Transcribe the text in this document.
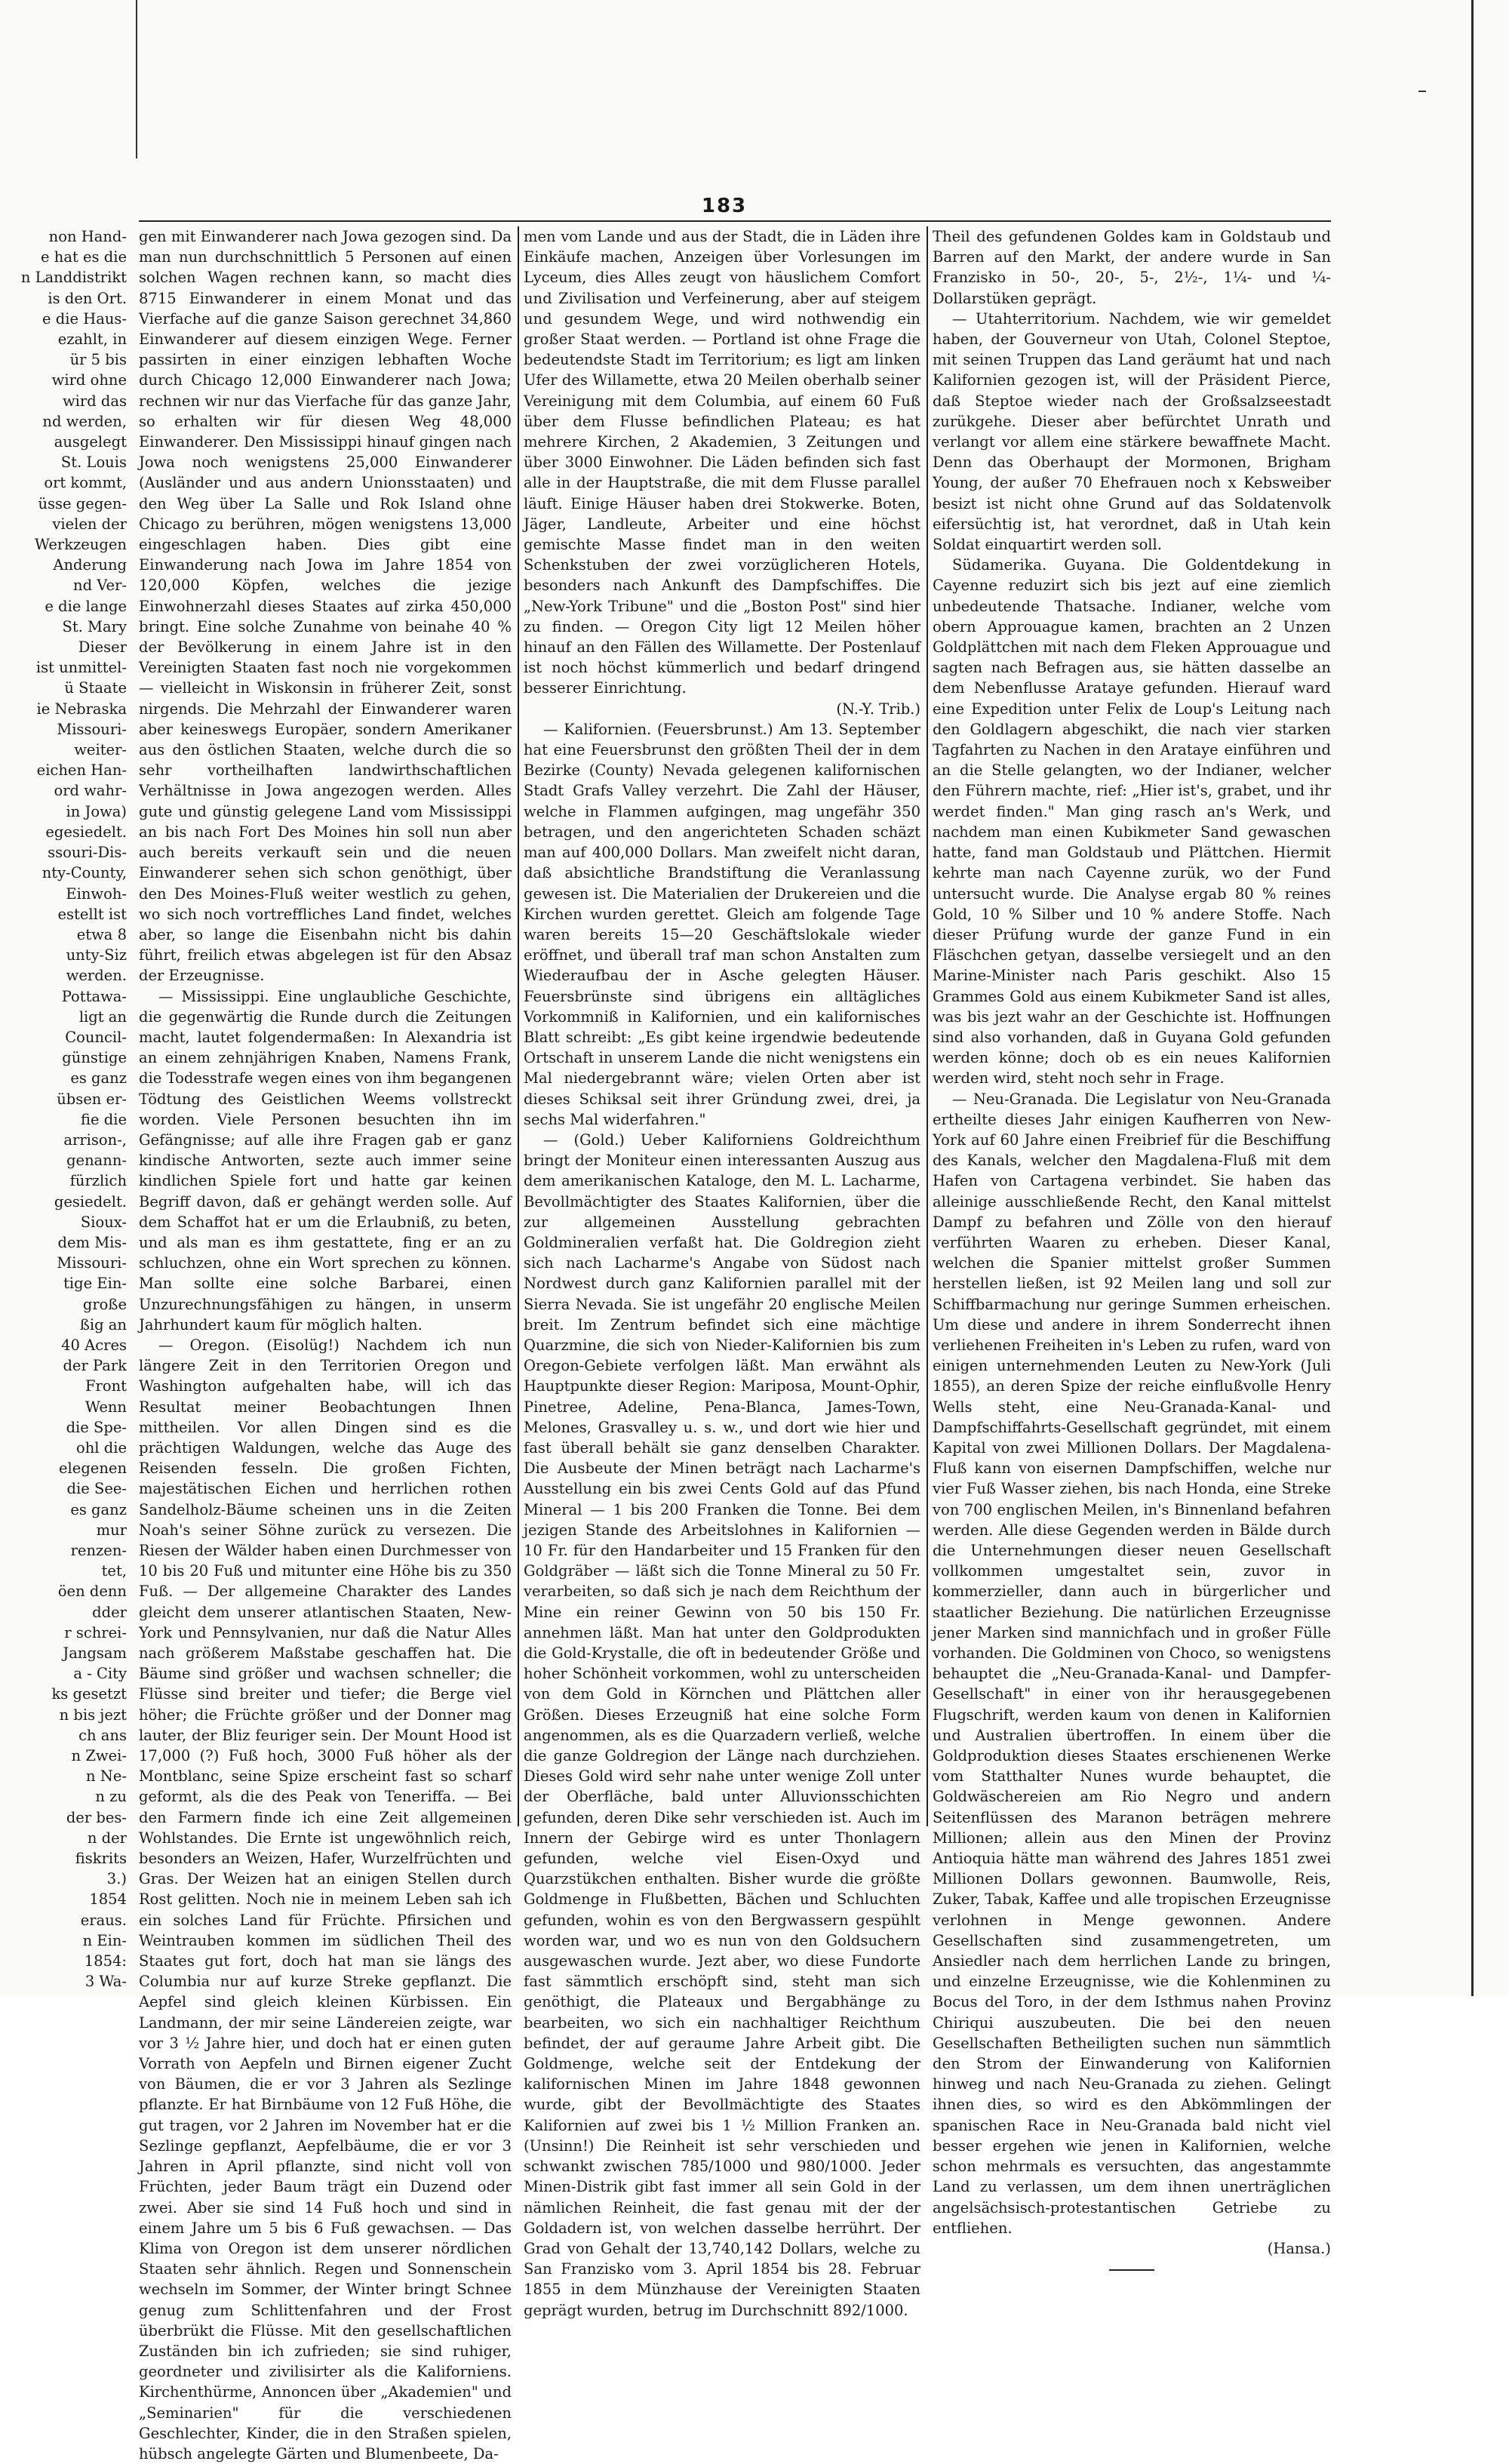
183
non Hand-
e hat es die
n Landdistrikt
is den Ort.
e die Haus-
ezahlt, in
ür 5 bis
wird ohne
wird das
nd werden,
ausgelegt
St. Louis
ort kommt,
üsse gegen-
vielen der
Werkzeugen
Anderung
nd Ver-
e die lange
St. Mary
Dieser
ist unmittel-
ü Staate
ie Nebraska
Missouri-
weiter-
eichen Han-
ord wahr-
in Jowa)
egesiedelt.
ssouri-Dis-
nty-County,
Einwoh-
estellt ist
etwa 8
unty-Siz
werden.
Pottawa-
ligt an
Council-
günstige
es ganz
übsen er-
fie die
arrison-,
genann-
fürzlich
gesiedelt.
Sioux-
dem Mis-
Missouri-
tige Ein-
große
ßig an
40 Acres
der Park
Front
Wenn
die Spe-
ohl die
elegenen
die See-
es ganz
mur
renzen-
tet,
öen denn
dder
r schrei-
Jangsam
a - City
ks gesetzt
n bis jezt
ch ans
n Zwei-
n Ne-
n zu
der bes-
n der
fiskrits
3.)
1854
eraus.
n Ein-
1854:
3 Wa-

gen mit Einwanderer nach Jowa gezogen sind. Da man nun durchschnittlich 5 Personen auf einen solchen Wagen rechnen kann, so macht dies 8715 Einwanderer in einem Monat und das Vierfache auf die ganze Saison gerechnet 34,860 Einwanderer auf diesem einzigen Wege. Ferner passirten in einer einzigen lebhaften Woche durch Chicago 12,000 Einwanderer nach Jowa; rechnen wir nur das Vierfache für das ganze Jahr, so erhalten wir für diesen Weg 48,000 Einwanderer. Den Mississippi hinauf gingen nach Jowa noch wenigstens 25,000 Einwanderer (Ausländer und aus andern Unionsstaaten) und den Weg über La Salle und Rok Island ohne Chicago zu berühren, mögen wenigstens 13,000 eingeschlagen haben. Dies gibt eine Einwanderung nach Jowa im Jahre 1854 von 120,000 Köpfen, welches die jezige Einwohnerzahl dieses Staates auf zirka 450,000 bringt. Eine solche Zunahme von beinahe 40 % der Bevölkerung in einem Jahre ist in den Vereinigten Staaten fast noch nie vorgekommen — vielleicht in Wiskonsin in früherer Zeit, sonst nirgends. Die Mehrzahl der Einwanderer waren aber keineswegs Europäer, sondern Amerikaner aus den östlichen Staaten, welche durch die so sehr vortheilhaften landwirthschaftlichen Verhältnisse in Jowa angezogen werden. Alles gute und günstig gelegene Land vom Mississippi an bis nach Fort Des Moines hin soll nun aber auch bereits verkauft sein und die neuen Einwanderer sehen sich schon genöthigt, über den Des Moines-Fluß weiter westlich zu gehen, wo sich noch vortreffliches Land findet, welches aber, so lange die Eisenbahn nicht bis dahin führt, freilich etwas abgelegen ist für den Absaz der Erzeugnisse.

— Mississippi. Eine unglaubliche Geschichte, die gegenwärtig die Runde durch die Zeitungen macht, lautet folgendermaßen: In Alexandria ist an einem zehnjährigen Knaben, Namens Frank, die Todesstrafe wegen eines von ihm begangenen Tödtung des Geistlichen Weems vollstreckt worden. Viele Personen besuchten ihn im Gefängnisse; auf alle ihre Fragen gab er ganz kindische Antworten, sezte auch immer seine kindlichen Spiele fort und hatte gar keinen Begriff davon, daß er gehängt werden solle. Auf dem Schaffot hat er um die Erlaubniß, zu beten, und als man es ihm gestattete, fing er an zu schluchzen, ohne ein Wort sprechen zu können. Man sollte eine solche Barbarei, einen Unzurechnungsfähigen zu hängen, in unserm Jahrhundert kaum für möglich halten.

— Oregon. (Eisolüg!) Nachdem ich nun längere Zeit in den Territorien Oregon und Washington aufgehalten habe, will ich das Resultat meiner Beobachtungen Ihnen mittheilen. Vor allen Dingen sind es die prächtigen Waldungen, welche das Auge des Reisenden fesseln. Die großen Fichten, majestätischen Eichen und herrlichen rothen Sandelholz-Bäume scheinen uns in die Zeiten Noah's seiner Söhne zurück zu versezen. Die Riesen der Wälder haben einen Durchmesser von 10 bis 20 Fuß und mitunter eine Höhe bis zu 350 Fuß. — Der allgemeine Charakter des Landes gleicht dem unserer atlantischen Staaten, New-York und Pennsylvanien, nur daß die Natur Alles nach größerem Maßstabe geschaffen hat. Die Bäume sind größer und wachsen schneller; die Flüsse sind breiter und tiefer; die Berge viel höher; die Früchte größer und der Donner mag lauter, der Bliz feuriger sein. Der Mount Hood ist 17,000 (?) Fuß hoch, 3000 Fuß höher als der Montblanc, seine Spize erscheint fast so scharf geformt, als die des Peak von Teneriffa. — Bei den Farmern finde ich eine Zeit allgemeinen Wohlstandes. Die Ernte ist ungewöhnlich reich, besonders an Weizen, Hafer, Wurzelfrüchten und Gras. Der Weizen hat an einigen Stellen durch Rost gelitten. Noch nie in meinem Leben sah ich ein solches Land für Früchte. Pfirsichen und Weintrauben kommen im südlichen Theil des Staates gut fort, doch hat man sie längs des Columbia nur auf kurze Streke gepflanzt. Die Aepfel sind gleich kleinen Kürbissen. Ein Landmann, der mir seine Ländereien zeigte, war vor 3 ½ Jahre hier, und doch hat er einen guten Vorrath von Aepfeln und Birnen eigener Zucht von Bäumen, die er vor 3 Jahren als Sezlinge pflanzte. Er hat Birnbäume von 12 Fuß Höhe, die gut tragen, vor 2 Jahren im November hat er die Sezlinge gepflanzt, Aepfelbäume, die er vor 3 Jahren in April pflanzte, sind nicht voll von Früchten, jeder Baum trägt ein Duzend oder zwei. Aber sie sind 14 Fuß hoch und sind in einem Jahre um 5 bis 6 Fuß gewachsen. — Das Klima von Oregon ist dem unserer nördlichen Staaten sehr ähnlich. Regen und Sonnenschein wechseln im Sommer, der Winter bringt Schnee genug zum Schlittenfahren und der Frost überbrükt die Flüsse. Mit den gesellschaftlichen Zuständen bin ich zufrieden; sie sind ruhiger, geordneter und zivilisirter als die Kaliforniens. Kirchenthürme, Annoncen über „Akademien" und „Seminarien" für die verschiedenen Geschlechter, Kinder, die in den Straßen spielen, hübsch angelegte Gärten und Blumenbeete, Da-

men vom Lande und aus der Stadt, die in Läden ihre Einkäufe machen, Anzeigen über Vorlesungen im Lyceum, dies Alles zeugt von häuslichem Comfort und Zivilisation und Verfeinerung, aber auf steigem und gesundem Wege, und wird nothwendig ein großer Staat werden. — Portland ist ohne Frage die bedeutendste Stadt im Territorium; es ligt am linken Ufer des Willamette, etwa 20 Meilen oberhalb seiner Vereinigung mit dem Columbia, auf einem 60 Fuß über dem Flusse befindlichen Plateau; es hat mehrere Kirchen, 2 Akademien, 3 Zeitungen und über 3000 Einwohner. Die Läden befinden sich fast alle in der Hauptstraße, die mit dem Flusse parallel läuft. Einige Häuser haben drei Stokwerke. Boten, Jäger, Landleute, Arbeiter und eine höchst gemischte Masse findet man in den weiten Schenkstuben der zwei vorzüglicheren Hotels, besonders nach Ankunft des Dampfschiffes. Die „New-York Tribune" und die „Boston Post" sind hier zu finden. — Oregon City ligt 12 Meilen höher hinauf an den Fällen des Willamette. Der Postenlauf ist noch höchst kümmerlich und bedarf dringend besserer Einrichtung.

(N.-Y. Trib.)

— Kalifornien. (Feuersbrunst.) Am 13. September hat eine Feuersbrunst den größten Theil der in dem Bezirke (County) Nevada gelegenen kalifornischen Stadt Grafs Valley verzehrt. Die Zahl der Häuser, welche in Flammen aufgingen, mag ungefähr 350 betragen, und den angerichteten Schaden schäzt man auf 400,000 Dollars. Man zweifelt nicht daran, daß absichtliche Brandstiftung die Veranlassung gewesen ist. Die Materialien der Drukereien und die Kirchen wurden gerettet. Gleich am folgende Tage waren bereits 15—20 Geschäftslokale wieder eröffnet, und überall traf man schon Anstalten zum Wiederaufbau der in Asche gelegten Häuser. Feuersbrünste sind übrigens ein alltägliches Vorkommniß in Kalifornien, und ein kalifornisches Blatt schreibt: „Es gibt keine irgendwie bedeutende Ortschaft in unserem Lande die nicht wenigstens ein Mal niedergebrannt wäre; vielen Orten aber ist dieses Schiksal seit ihrer Gründung zwei, drei, ja sechs Mal widerfahren."

— (Gold.) Ueber Kaliforniens Goldreichthum bringt der Moniteur einen interessanten Auszug aus dem amerikanischen Kataloge, den M. L. Lacharme, Bevollmächtigter des Staates Kalifornien, über die zur allgemeinen Ausstellung gebrachten Goldmineralien verfaßt hat. Die Goldregion zieht sich nach Lacharme's Angabe von Südost nach Nordwest durch ganz Kalifornien parallel mit der Sierra Nevada. Sie ist ungefähr 20 englische Meilen breit. Im Zentrum befindet sich eine mächtige Quarzmine, die sich von Nieder-Kalifornien bis zum Oregon-Gebiete verfolgen läßt. Man erwähnt als Hauptpunkte dieser Region: Mariposa, Mount-Ophir, Pinetree, Adeline, Pena-Blanca, James-Town, Melones, Grasvalley u. s. w., und dort wie hier und fast überall behält sie ganz denselben Charakter. Die Ausbeute der Minen beträgt nach Lacharme's Ausstellung ein bis zwei Cents Gold auf das Pfund Mineral — 1 bis 200 Franken die Tonne. Bei dem jezigen Stande des Arbeitslohnes in Kalifornien — 10 Fr. für den Handarbeiter und 15 Franken für den Goldgräber — läßt sich die Tonne Mineral zu 50 Fr. verarbeiten, so daß sich je nach dem Reichthum der Mine ein reiner Gewinn von 50 bis 150 Fr. annehmen läßt. Man hat unter den Goldprodukten die Gold-Krystalle, die oft in bedeutender Größe und hoher Schönheit vorkommen, wohl zu unterscheiden von dem Gold in Körnchen und Plättchen aller Größen. Dieses Erzeugniß hat eine solche Form angenommen, als es die Quarzadern verließ, welche die ganze Goldregion der Länge nach durchziehen. Dieses Gold wird sehr nahe unter wenige Zoll unter der Oberfläche, bald unter Alluvionsschichten gefunden, deren Dike sehr verschieden ist. Auch im Innern der Gebirge wird es unter Thonlagern gefunden, welche viel Eisen-Oxyd und Quarzstükchen enthalten. Bisher wurde die größte Goldmenge in Flußbetten, Bächen und Schluchten gefunden, wohin es von den Bergwassern gespühlt worden war, und wo es nun von den Goldsuchern ausgewaschen wurde. Jezt aber, wo diese Fundorte fast sämmtlich erschöpft sind, steht man sich genöthigt, die Plateaux und Bergabhänge zu bearbeiten, wo sich ein nachhaltiger Reichthum befindet, der auf geraume Jahre Arbeit gibt. Die Goldmenge, welche seit der Entdekung der kalifornischen Minen im Jahre 1848 gewonnen wurde, gibt der Bevollmächtigte des Staates Kalifornien auf zwei bis 1 ½ Million Franken an. (Unsinn!) Die Reinheit ist sehr verschieden und schwankt zwischen 785/1000 und 980/1000. Jeder Minen-Distrik gibt fast immer all sein Gold in der nämlichen Reinheit, die fast genau mit der der Goldadern ist, von welchen dasselbe herrührt. Der Grad von Gehalt der 13,740,142 Dollars, welche zu San Franzisko vom 3. April 1854 bis 28. Februar 1855 in dem Münzhause der Vereinigten Staaten geprägt wurden, betrug im Durchschnitt 892/1000.

Theil des gefundenen Goldes kam in Goldstaub und Barren auf den Markt, der andere wurde in San Franzisko in 50-, 20-, 5-, 2½-, 1¼- und ¼-Dollarstüken geprägt.

— Utahterritorium. Nachdem, wie wir gemeldet haben, der Gouverneur von Utah, Colonel Steptoe, mit seinen Truppen das Land geräumt hat und nach Kalifornien gezogen ist, will der Präsident Pierce, daß Steptoe wieder nach der Großsalzseestadt zurükgehe. Dieser aber befürchtet Unrath und verlangt vor allem eine stärkere bewaffnete Macht. Denn das Oberhaupt der Mormonen, Brigham Young, der außer 70 Ehefrauen noch x Kebsweiber besizt ist nicht ohne Grund auf das Soldatenvolk eifersüchtig ist, hat verordnet, daß in Utah kein Soldat einquartirt werden soll.

Südamerika. Guyana. Die Goldentdekung in Cayenne reduzirt sich bis jezt auf eine ziemlich unbedeutende Thatsache. Indianer, welche vom obern Approuague kamen, brachten an 2 Unzen Goldplättchen mit nach dem Fleken Approuague und sagten nach Befragen aus, sie hätten dasselbe an dem Nebenflusse Arataye gefunden. Hierauf ward eine Expedition unter Felix de Loup's Leitung nach den Goldlagern abgeschikt, die nach vier starken Tagfahrten zu Nachen in den Arataye einführen und an die Stelle gelangten, wo der Indianer, welcher den Führern machte, rief: „Hier ist's, grabet, und ihr werdet finden." Man ging rasch an's Werk, und nachdem man einen Kubikmeter Sand gewaschen hatte, fand man Goldstaub und Plättchen. Hiermit kehrte man nach Cayenne zurük, wo der Fund untersucht wurde. Die Analyse ergab 80 % reines Gold, 10 % Silber und 10 % andere Stoffe. Nach dieser Prüfung wurde der ganze Fund in ein Fläschchen getyan, dasselbe versiegelt und an den Marine-Minister nach Paris geschikt. Also 15 Grammes Gold aus einem Kubikmeter Sand ist alles, was bis jezt wahr an der Geschichte ist. Hoffnungen sind also vorhanden, daß in Guyana Gold gefunden werden könne; doch ob es ein neues Kalifornien werden wird, steht noch sehr in Frage.

— Neu-Granada. Die Legislatur von Neu-Granada ertheilte dieses Jahr einigen Kaufherren von New-York auf 60 Jahre einen Freibrief für die Beschiffung des Kanals, welcher den Magdalena-Fluß mit dem Hafen von Cartagena verbindet. Sie haben das alleinige ausschließende Recht, den Kanal mittelst Dampf zu befahren und Zölle von den hierauf verführten Waaren zu erheben. Dieser Kanal, welchen die Spanier mittelst großer Summen herstellen ließen, ist 92 Meilen lang und soll zur Schiffbarmachung nur geringe Summen erheischen. Um diese und andere in ihrem Sonderrecht ihnen verliehenen Freiheiten in's Leben zu rufen, ward von einigen unternehmenden Leuten zu New-York (Juli 1855), an deren Spize der reiche einflußvolle Henry Wells steht, eine Neu-Granada-Kanal- und Dampfschiffahrts-Gesellschaft gegründet, mit einem Kapital von zwei Millionen Dollars. Der Magdalena-Fluß kann von eisernen Dampfschiffen, welche nur vier Fuß Wasser ziehen, bis nach Honda, eine Streke von 700 englischen Meilen, in's Binnenland befahren werden. Alle diese Gegenden werden in Bälde durch die Unternehmungen dieser neuen Gesellschaft vollkommen umgestaltet sein, zuvor in kommerzieller, dann auch in bürgerlicher und staatlicher Beziehung. Die natürlichen Erzeugnisse jener Marken sind mannichfach und in großer Fülle vorhanden. Die Goldminen von Choco, so wenigstens behauptet die „Neu-Granada-Kanal- und Dampfer-Gesellschaft" in einer von ihr herausgegebenen Flugschrift, werden kaum von denen in Kalifornien und Australien übertroffen. In einem über die Goldproduktion dieses Staates erschienenen Werke vom Statthalter Nunes wurde behauptet, die Goldwäschereien am Rio Negro und andern Seitenflüssen des Maranon beträgen mehrere Millionen; allein aus den Minen der Provinz Antioquia hätte man während des Jahres 1851 zwei Millionen Dollars gewonnen. Baumwolle, Reis, Zuker, Tabak, Kaffee und alle tropischen Erzeugnisse verlohnen in Menge gewonnen. Andere Gesellschaften sind zusammengetreten, um Ansiedler nach dem herrlichen Lande zu bringen, und einzelne Erzeugnisse, wie die Kohlenminen zu Bocus del Toro, in der dem Isthmus nahen Provinz Chiriqui auszubeuten. Die bei den neuen Gesellschaften Betheiligten suchen nun sämmtlich den Strom der Einwanderung von Kalifornien hinweg und nach Neu-Granada zu ziehen. Gelingt ihnen dies, so wird es den Abkömmlingen der spanischen Race in Neu-Granada bald nicht viel besser ergehen wie jenen in Kalifornien, welche schon mehrmals es versuchten, das angestammte Land zu verlassen, um dem ihnen unerträglichen angelsächsisch-protestantischen Getriebe zu entfliehen.

(Hansa.)
